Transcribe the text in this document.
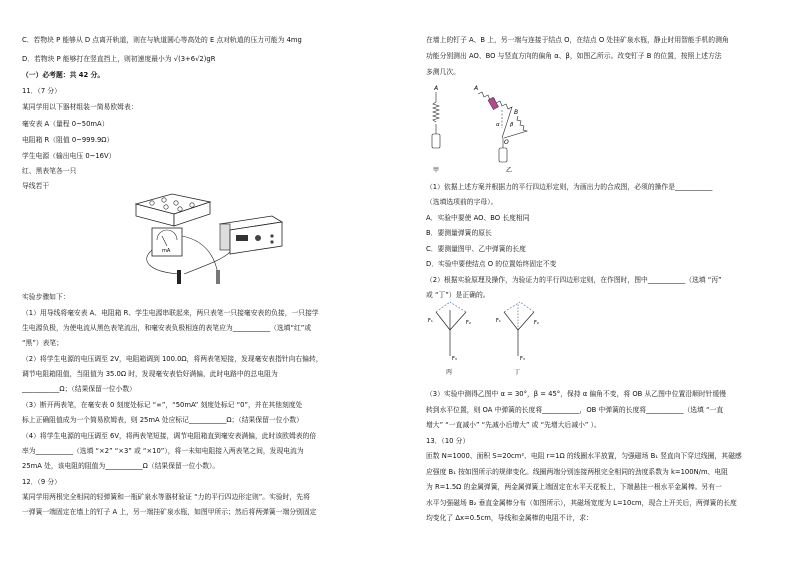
C．若物块 P 能够从 D 点离开轨道，则在与轨道圆心等高处的 E 点对轨道的压力可能为 4mg
D．若物块 P 能够打在竖直挡上，则初速度最小为 √(3+6√2)gR
（一）必考题：共 42 分。
11．（7 分）
某同学用以下器材组装一简易欧姆表：
毫安表 A（量程 0~50mA）
电阻箱 R（阻值 0~999.9Ω）
学生电源（输出电压 0~16V）
红、黑表笔各一只
导线若干
mA
实验步骤如下：
（1）用导线将毫安表 A、电阻箱 R、学生电源串联起来，两只表笔一只接毫安表的负接，一只接学
生电源负极，为使电流从黑色表笔流出，和毫安表负极相连的表笔应为___________（选填“红”或
“黑”）表笔；
（2）将学生电源的电压调至 2V，电阻箱调到 100.0Ω，将两表笔短接，发现毫安表指针向右偏转，
调节电阻箱阻值，当阻值为 35.0Ω 时，发现毫安表恰好满偏，此时电路中的总电阻为
___________Ω；（结果保留一位小数）
（3）断开两表笔，在毫安表 0 刻度处标记 “∞”，“50mA” 刻度处标记 “0”，并在其他刻度处
标上正确阻值成为一个简易欧姆表，则 25mA 处应标记___________Ω；（结果保留一位小数）
（4）将学生电源的电压调至 6V，将两表笔短接，调节电阻箱直到毫安表满偏，此时该欧姆表的倍
率为___________（选填 “×2” “×3” 或 “×10”），将一未知电阻接入两表笔之间，发现电流为
25mA 处，该电阻的阻值为___________Ω（结果保留一位小数）。
12．（9 分）
某同学用两根完全相同的轻弹簧和一瓶矿泉水等器材验证 “力的平行四边形定则”。实验时，先将
一弹簧一端固定在墙上的钉子 A 上，另一端挂矿泉水瓶，如图甲所示；然后将两弹簧一端分别固定
在墙上的钉子 A、B 上，另一端与连接于结点 O，在结点 O 处挂矿泉水瓶，静止时用智能手机的测角
功能分别测出 AO、BO 与竖直方向的偏角 α、β，如图乙所示。改变钉子 B 的位置，按照上述方法
多测几次。
A
甲
A
B
α β
O
乙
（1）依据上述方案并根据力的平行四边形定则，为画出力的合成图，必须的操作是___________
（选填选项前的字母）。
A．实验中要使 AO、BO 长度相同
B．要测量弹簧的原长
C．要测量图甲、乙中弹簧的长度
D．实验中要使结点 O 的位置始终固定不变
（2）根据实验原理及操作，为验证力的平行四边形定则，在作图时，图中___________（选填 “丙”
或 “丁”）是正确的。
F₁	F₂
F₃
丙
F₁	F₂
F₃
丁
（3）实验中测得乙图中 α = 30°，β = 45°，保持 α 偏角不变，将 OB 从乙图中位置沿顺时针缓慢
转到水平位置，则 OA 中弹簧的长度将___________，OB 中弹簧的长度将___________（选填 “一直
增大” “一直减小” “先减小后增大” 或 “先增大后减小” ）。
13．（10 分）
匝数 N=1000、面积 S=20cm²、电阻 r=1Ω 的线圈水平放置，匀强磁场 B₁ 竖直向下穿过线圈，其磁感
应强度 B₁ 按如图所示的规律变化。线圈两端分别连接两根完全相同的劲度系数为 k=100N/m、电阻
为 R=1.5Ω 的金属弹簧，两金属弹簧上端固定在水平天花板上，下端悬挂一根水平金属棒。另有一
水平匀强磁场 B₂ 垂直金属棒分布（如图所示），其磁场宽度为 L=10cm，现合上开关后，两弹簧的长度
均变化了 Δx=0.5cm，导线和金属棒的电阻不计，求：
